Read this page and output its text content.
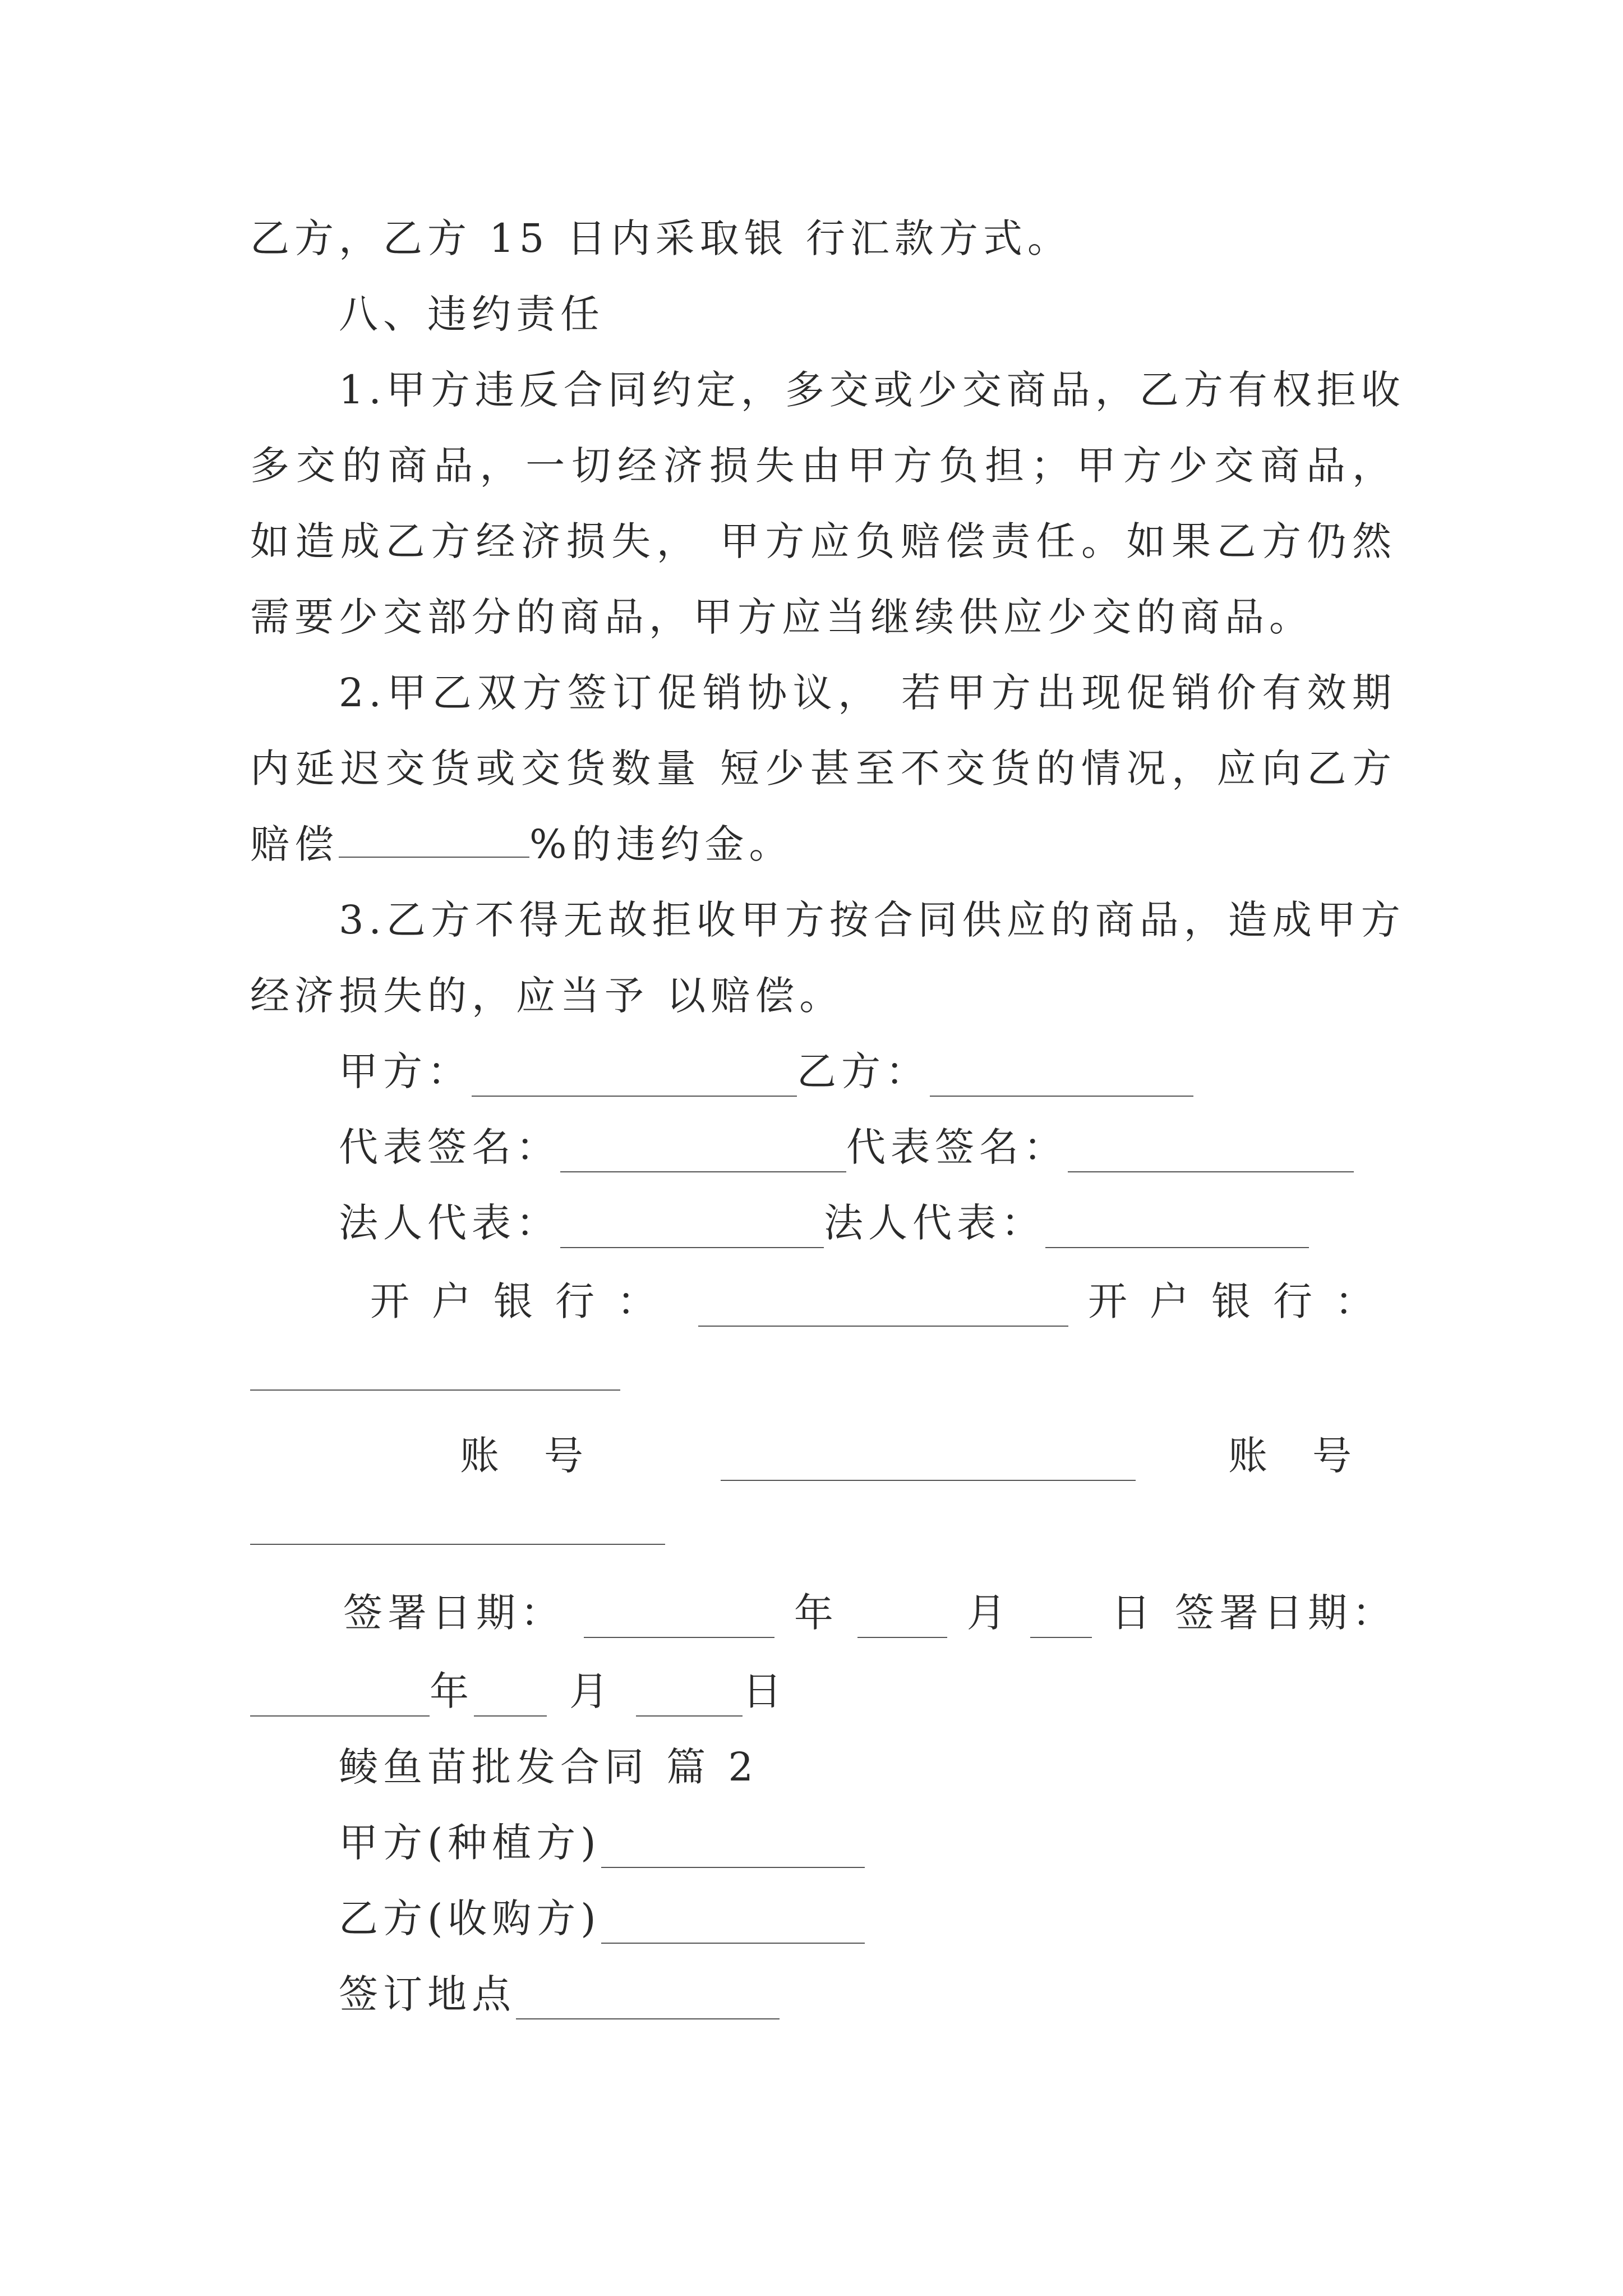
乙方，乙方 15 日内采取银 行汇款方式。
八、违约责任
1.甲方违反合同约定，多交或少交商品，乙方有权拒收
多交的商品，一切经济损失由甲方负担；甲方少交商品，
如造成乙方经济损失， 甲方应负赔偿责任。如果乙方仍然
需要少交部分的商品，甲方应当继续供应少交的商品。
2.甲乙双方签订促销协议， 若甲方出现促销价有效期
内延迟交货或交货数量 短少甚至不交货的情况，应向乙方
赔偿	%的违约金。
3.乙方不得无故拒收甲方按合同供应的商品，造成甲方
经济损失的，应当予 以赔偿。
甲方：	乙方：
代表签名：	代表签名：
法人代表：	法人代表：
开户银行：	开户银行：
账号	账号
签署日期：	年	月	日 签署日期：
年 月	日
鲮鱼苗批发合同 篇 2
甲方(种植方)
乙方(收购方)
签订地点
